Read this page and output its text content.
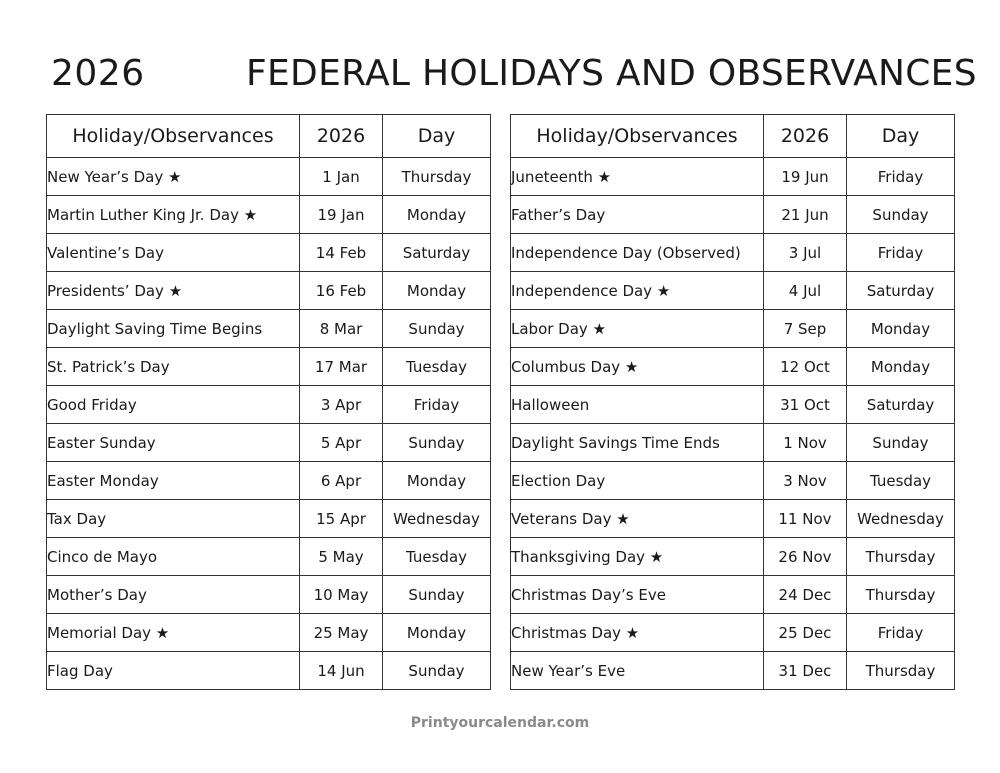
2026	FEDERAL HOLIDAYS AND OBSERVANCES
Holiday/Observances	2026	Day
New Year’s Day ★	1 Jan	Thursday
Martin Luther King Jr. Day ★	19 Jan	Monday
Valentine’s Day	14 Feb	Saturday
Presidents’ Day ★	16 Feb	Monday
Daylight Saving Time Begins	8 Mar	Sunday
St. Patrick’s Day	17 Mar	Tuesday
Good Friday	3 Apr	Friday
Easter Sunday	5 Apr	Sunday
Easter Monday	6 Apr	Monday
Tax Day	15 Apr	Wednesday
Cinco de Mayo	5 May	Tuesday
Mother’s Day	10 May	Sunday
Memorial Day ★	25 May	Monday
Flag Day	14 Jun	Sunday
Holiday/Observances	2026	Day
Juneteenth ★	19 Jun	Friday
Father’s Day	21 Jun	Sunday
Independence Day (Observed)	3 Jul	Friday
Independence Day ★	4 Jul	Saturday
Labor Day ★	7 Sep	Monday
Columbus Day ★	12 Oct	Monday
Halloween	31 Oct	Saturday
Daylight Savings Time Ends	1 Nov	Sunday
Election Day	3 Nov	Tuesday
Veterans Day ★	11 Nov	Wednesday
Thanksgiving Day ★	26 Nov	Thursday
Christmas Day’s Eve	24 Dec	Thursday
Christmas Day ★	25 Dec	Friday
New Year’s Eve	31 Dec	Thursday
Printyourcalendar.com
